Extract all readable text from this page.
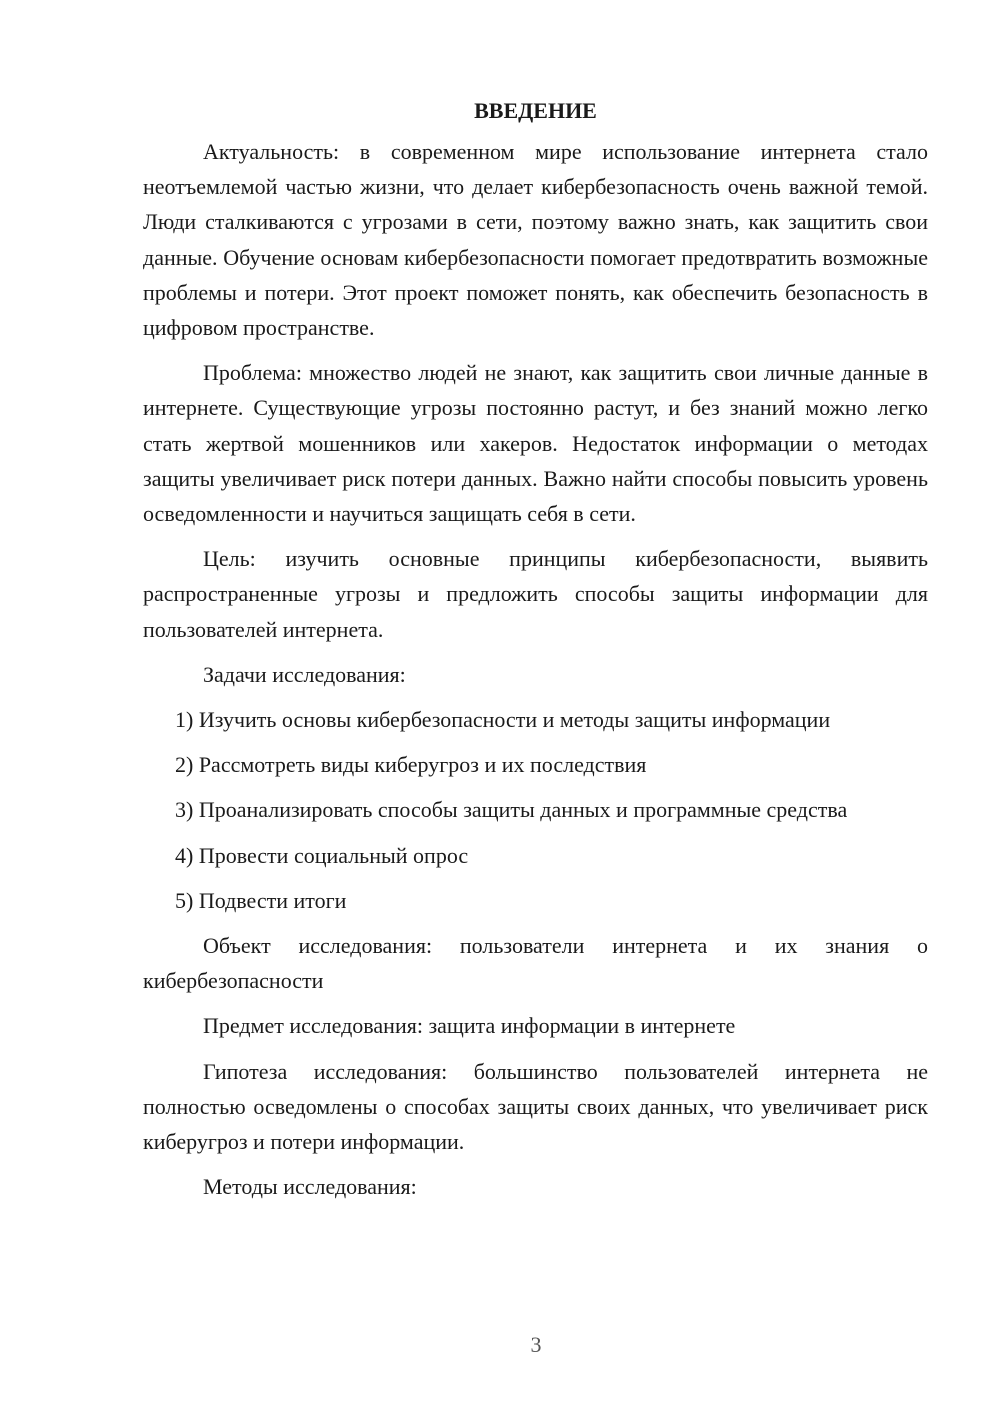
ВВЕДЕНИЕ

Актуальность: в современном мире использование интернета стало неотъемлемой частью жизни, что делает кибербезопасность очень важной темой. Люди сталкиваются с угрозами в сети, поэтому важно знать, как защитить свои данные. Обучение основам кибербезопасности помогает предотвратить возможные проблемы и потери. Этот проект поможет понять, как обеспечить безопасность в цифровом пространстве.

Проблема: множество людей не знают, как защитить свои личные данные в интернете. Существующие угрозы постоянно растут, и без знаний можно легко стать жертвой мошенников или хакеров. Недостаток информации о методах защиты увеличивает риск потери данных. Важно найти способы повысить уровень осведомленности и научиться защищать себя в сети.

Цель: изучить основные принципы кибербезопасности, выявить распространенные угрозы и предложить способы защиты информации для пользователей интернета.

Задачи исследования:

1) Изучить основы кибербезопасности и методы защиты информации

2) Рассмотреть виды киберугроз и их последствия

3) Проанализировать способы защиты данных и программные средства

4) Провести социальный опрос

5) Подвести итоги

Объект исследования: пользователи интернета и их знания о кибербезопасности

Предмет исследования: защита информации в интернете

Гипотеза исследования: большинство пользователей интернета не полностью осведомлены о способах защиты своих данных, что увеличивает риск киберугроз и потери информации.

Методы исследования:

3
